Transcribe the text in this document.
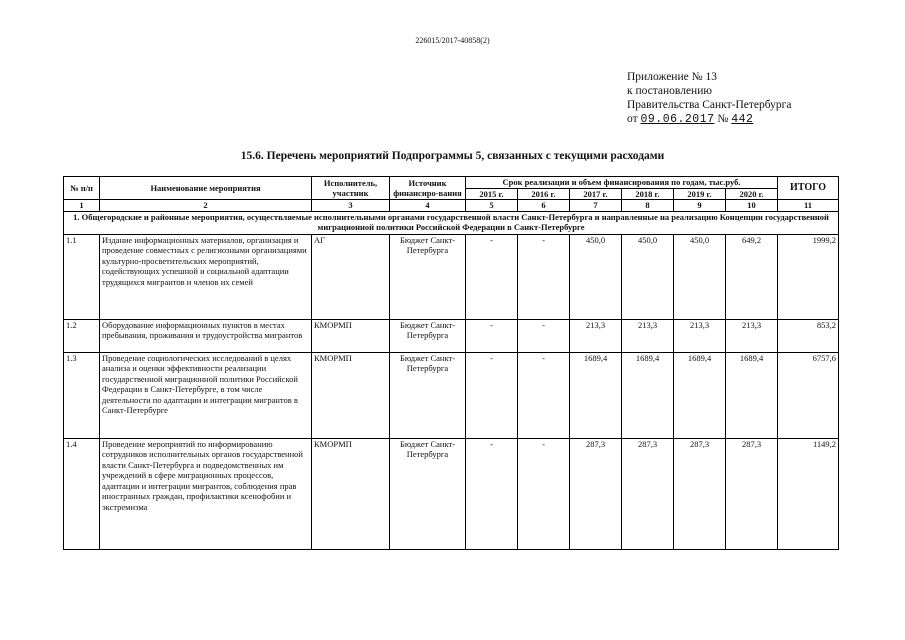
226015/2017-40858(2)
Приложение № 13
к постановлению
Правительства Санкт-Петербурга
от 09.06.2017 № 442
15.6. Перечень мероприятий Подпрограммы 5, связанных с текущими расходами
№ п/п	Наименование мероприятия	Исполнитель, участник	Источник финансиро-вания	Срок реализации и объем финансирования по годам, тыс.руб.						ИТОГО
				2015 г.	2016 г.	2017 г.	2018 г.	2019 г.	2020 г.	
1	2	3	4	5	6	7	8	9	10	11
1. Общегородские и районные мероприятия, осуществляемые исполнительными органами государственной власти Санкт-Петербурга и направленные на реализацию Концепции государственной миграционной политики Российской Федерации в Санкт-Петербурге										
1.1	Издание информационных материалов, организация и проведение совместных с религиозными организациями культурно-просветительских мероприятий, содействующих успешной и социальной адаптации трудящихся мигрантов и членов их семей	АГ	Бюджет Санкт-Петербурга	-	-	450,0	450,0	450,0	649,2	1999,2
1.2	Оборудование информационных пунктов в местах пребывания, проживания и трудоустройства мигрантов	КМОРМП	Бюджет Санкт-Петербурга	-	-	213,3	213,3	213,3	213,3	853,2
1.3	Проведение социологических исследований в целях анализа и оценки эффективности реализации государственной миграционной политики Российской Федерации в Санкт-Петербурге, в том числе деятельности по адаптации и интеграции мигрантов в Санкт-Петербурге	КМОРМП	Бюджет Санкт-Петербурга	-	-	1689,4	1689,4	1689,4	1689,4	6757,6
1.4	Проведение мероприятий по информированию сотрудников исполнительных органов государственной власти Санкт-Петербурга и подведомственных им учреждений в сфере миграционных процессов, адаптации и интеграции мигрантов, соблюдения прав иностранных граждан, профилактики ксенофобии и экстремизма	КМОРМП	Бюджет Санкт-Петербурга	-	-	287,3	287,3	287,3	287,3	1149,2
